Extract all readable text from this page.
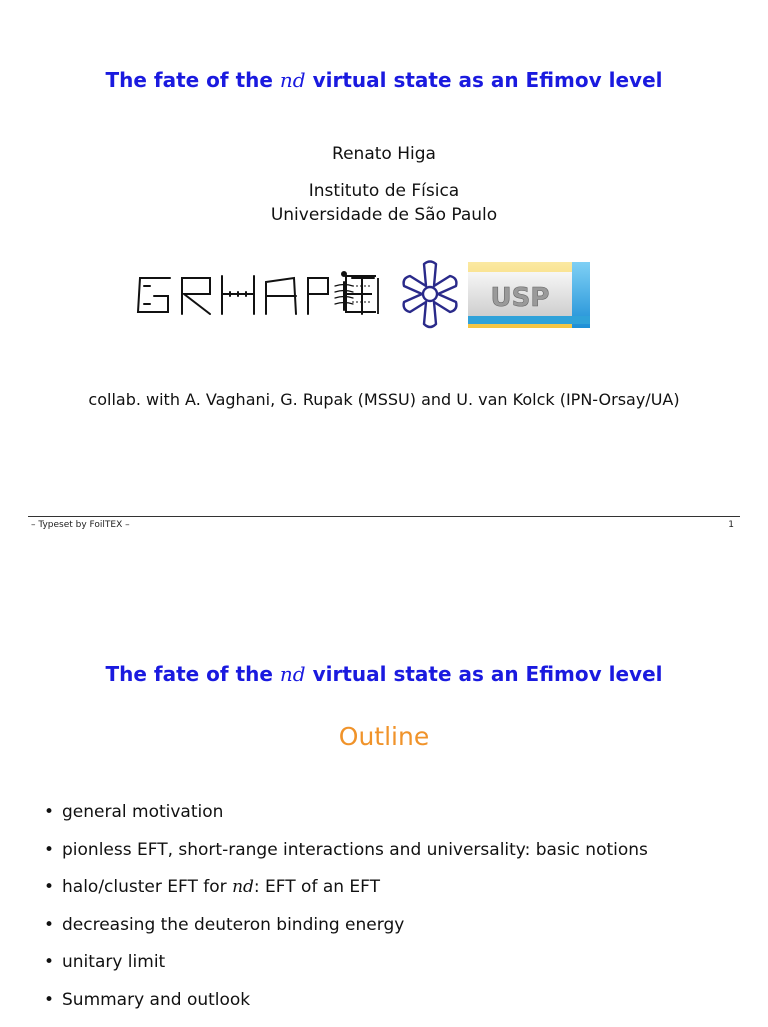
The fate of the nd virtual state as an Efimov level
Renato Higa
Instituto de Física
Universidade de São Paulo
USP
collab. with A. Vaghani, G. Rupak (MSSU) and U. van Kolck (IPN-Orsay/UA)
– Typeset by FoilTEX –	1
The fate of the nd virtual state as an Efimov level
Outline
• general motivation
• pionless EFT, short-range interactions and universality: basic notions
• halo/cluster EFT for nd: EFT of an EFT
• decreasing the deuteron binding energy
• unitary limit
• Summary and outlook
